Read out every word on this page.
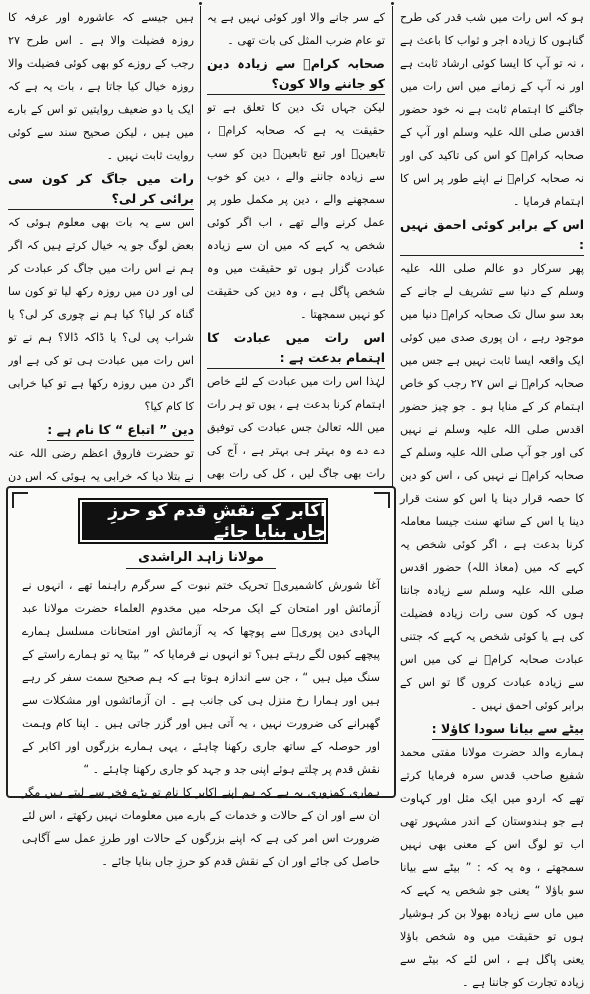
ہو کہ اس رات میں شب قدر کی طرح گناہوں کا زیادہ اجر و ثواب کا باعث ہے ، نہ تو آپ کا ایسا کوئی ارشاد ثابت ہے اور نہ آپ کے زمانے میں اس رات میں جاگنے کا اہتمام ثابت ہے نہ خود حضور اقدس صلی اللہ علیہ وسلم اور آپ کے صحابہ کرامؓ کو اس کی تاکید کی اور نہ صحابہ کرامؓ نے اپنے طور پر اس کا اہتمام فرمایا ۔

اس کے برابر کوئی احمق نہیں :

پھر سرکار دو عالم صلی اللہ علیہ وسلم کے دنیا سے تشریف لے جانے کے بعد سو سال تک صحابہ کرامؓ دنیا میں موجود رہے ، ان پوری صدی میں کوئی ایک واقعہ ایسا ثابت نہیں ہے جس میں صحابہ کرامؓ نے اس ۲۷ رجب کو خاص اہتمام کر کے منایا ہو ۔ جو چیز حضور اقدس صلی اللہ علیہ وسلم نے نہیں کی اور جو آپ صلی اللہ علیہ وسلم کے صحابہ کرامؓ نے نہیں کی ، اس کو دین کا حصہ قرار دینا یا اس کو سنت قرار دینا یا اس کے ساتھ سنت جیسا معاملہ کرنا بدعت ہے ، اگر کوئی شخص یہ کہے کہ میں (معاذ اللہ) حضور اقدس صلی اللہ علیہ وسلم سے زیادہ جانتا ہوں کہ کون سی رات زیادہ فضیلت کی ہے یا کوئی شخص یہ کہے کہ جتنی عبادت صحابہ کرامؓ نے کی میں اس سے زیادہ عبادت کروں گا تو اس کے برابر کوئی احمق نہیں ۔

بیٹے سے بیانا سودا کاؤلا :

ہمارے والد حضرت مولانا مفتی محمد شفیع صاحب قدس سرہ فرمایا کرتے تھے کہ اردو میں ایک مثل اور کہاوت ہے جو ہندوستان کے اندر مشہور تھی اب تو لوگ اس کے معنی بھی نہیں سمجھتے ، وہ یہ کہ : ” بیٹے سے بیانا سو باؤلا “ یعنی جو شخص یہ کہے کہ میں ماں سے زیادہ بھولا بن کر ہوشیار ہوں تو حقیقت میں وہ شخص باؤلا یعنی پاگل ہے ، اس لئے کہ بیٹے سے زیادہ تجارت کو جاننا ہے ۔

کے سر جانے والا اور کوئی نہیں ہے یہ تو عام ضرب المثل کی بات تھی ۔

صحابہ کرامؓ سے زیادہ دین کو جاننے والا کون؟

لیکن جہاں تک دین کا تعلق ہے تو حقیقت یہ ہے کہ صحابہ کرامؓ ، تابعینؒ اور تبع تابعینؒ دین کو سب سے زیادہ جاننے والے ، دین کو خوب سمجھنے والے ، دین پر مکمل طور پر عمل کرنے والے تھے ، اب اگر کوئی شخص یہ کہے کہ میں ان سے زیادہ عبادت گزار ہوں تو حقیقت میں وہ شخص پاگل ہے ، وہ دین کی حقیقت کو نہیں سمجھتا ۔

اس رات میں عبادت کا اہتمام بدعت ہے :

لہٰذا اس رات میں عبادت کے لئے خاص اہتمام کرنا بدعت ہے ، یوں تو ہر رات میں اللہ تعالیٰ جس عبادت کی توفیق دے دے وہ بہتر ہی بہتر ہے ، آج کی رات بھی جاگ لیں ، کل کی رات بھی

ہیں جیسے کہ عاشورہ اور عرفہ کا روزہ فضیلت والا ہے ۔ اس طرح ۲۷ رجب کے روزے کو بھی کوئی فضیلت والا روزہ خیال کیا جاتا ہے ، بات یہ ہے کہ ایک یا دو ضعیف روایتیں تو اس کے بارے میں ہیں ، لیکن صحیح سند سے کوئی روایت ثابت نہیں ۔

رات میں جاگ کر کون سی برائی کر لی؟

اس سے یہ بات بھی معلوم ہوئی کہ بعض لوگ جو یہ خیال کرتے ہیں کہ اگر ہم نے اس رات میں جاگ کر عبادت کر لی اور دن میں روزہ رکھ لیا تو کون سا گناہ کر لیا؟ کیا ہم نے چوری کر لی؟ یا شراب پی لی؟ یا ڈاکہ ڈالا؟ ہم نے تو اس رات میں عبادت ہی تو کی ہے اور اگر دن میں روزہ رکھا ہے تو کیا خرابی کا کام کیا؟

دین ” اتباع “ کا نام ہے :

تو حضرت فاروق اعظم رضی اللہ عنہ نے بتلا دیا کہ خرابی یہ ہوئی کہ اس دن

اکابر کے نقشِ قدم کو حرزِ جاں بنایا جائے
مولانا زاہد الراشدی

آغا شورش کاشمیریؒ تحریک ختم نبوت کے سرگرم راہنما تھے ، انہوں نے آزمائش اور امتحان کے ایک مرحلہ میں مخدوم العلماء حضرت مولانا عبد الہادی دین پوریؒ سے پوچھا کہ یہ آزمائش اور امتحانات مسلسل ہمارے پیچھے کیوں لگے رہتے ہیں؟ تو انہوں نے فرمایا کہ ” بیٹا یہ تو ہمارے راستے کے سنگ میل ہیں “ ، جن سے اندازہ ہوتا ہے کہ ہم صحیح سمت سفر کر رہے ہیں اور ہمارا رخ منزل ہی کی جانب ہے ۔ ان آزمائشوں اور مشکلات سے گھبرانے کی ضرورت نہیں ، یہ آتی ہیں اور گزر جاتی ہیں ۔ اپنا کام وہمت اور حوصلہ کے ساتھ جاری رکھنا چاہئے ، یہی ہمارے بزرگوں اور اکابر کے نقش قدم پر چلتے ہوئے اپنی جد و جہد کو جاری رکھنا چاہئے ۔ “

ہماری کمزوری یہ ہے کہ ہم اپنے اکابر کا نام تو بڑے فخر سے لیتے ہیں مگر ان سے اور ان کے حالات و خدمات کے بارے میں معلومات نہیں رکھتے ، اس لئے ضرورت اس امر کی ہے کہ اپنے بزرگوں کے حالات اور طرزِ عمل سے آگاہی حاصل کی جائے اور ان کے نقش قدم کو حرزِ جاں بنایا جائے ۔
